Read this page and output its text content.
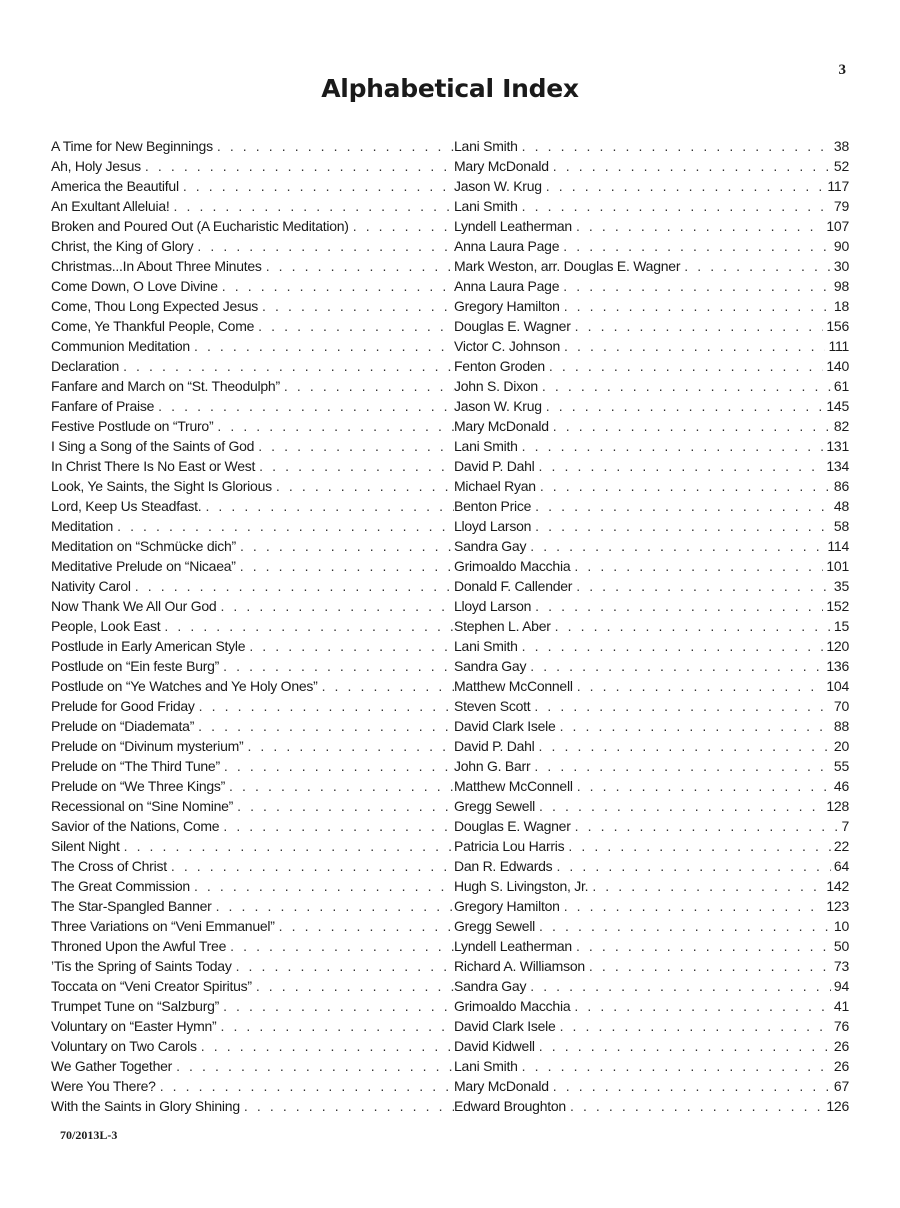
3
Alphabetical Index
A Time for New Beginnings . . .	Lani Smith . . .	38
Ah, Holy Jesus . . .	Mary McDonald . . .	52
America the Beautiful . . .	Jason W. Krug . . .	117
An Exultant Alleluia! . . .	Lani Smith . . .	79
Broken and Poured Out (A Eucharistic Meditation) . . .	Lyndell Leatherman . . .	107
Christ, the King of Glory . . .	Anna Laura Page . . .	90
Christmas...In About Three Minutes . . .	Mark Weston, arr. Douglas E. Wagner . . .	30
Come Down, O Love Divine . . .	Anna Laura Page . . .	98
Come, Thou Long Expected Jesus . . .	Gregory Hamilton . . .	18
Come, Ye Thankful People, Come . . .	Douglas E. Wagner . . .	156
Communion Meditation . . .	Victor C. Johnson . . .	111
Declaration . . .	Fenton Groden . . .	140
Fanfare and March on “St. Theodulph” . . .	John S. Dixon . . .	61
Fanfare of Praise . . .	Jason W. Krug . . .	145
Festive Postlude on “Truro” . . .	Mary McDonald . . .	82
I Sing a Song of the Saints of God . . .	Lani Smith . . .	131
In Christ There Is No East or West . . .	David P. Dahl . . .	134
Look, Ye Saints, the Sight Is Glorious . . .	Michael Ryan . . .	86
Lord, Keep Us Steadfast. . . .	Benton Price . . .	48
Meditation . . .	Lloyd Larson . . .	58
Meditation on “Schmücke dich” . . .	Sandra Gay . . .	114
Meditative Prelude on “Nicaea” . . .	Grimoaldo Macchia . . .	101
Nativity Carol . . .	Donald F. Callender . . .	35
Now Thank We All Our God . . .	Lloyd Larson . . .	152
People, Look East . . .	Stephen L. Aber . . .	15
Postlude in Early American Style . . .	Lani Smith . . .	120
Postlude on “Ein feste Burg” . . .	Sandra Gay . . .	136
Postlude on “Ye Watches and Ye Holy Ones” . . .	Matthew McConnell . . .	104
Prelude for Good Friday . . .	Steven Scott . . .	70
Prelude on “Diademata” . . .	David Clark Isele . . .	88
Prelude on “Divinum mysterium” . . .	David P. Dahl . . .	20
Prelude on “The Third Tune” . . .	John G. Barr . . .	55
Prelude on “We Three Kings” . . .	Matthew McConnell . . .	46
Recessional on “Sine Nomine” . . .	Gregg Sewell . . .	128
Savior of the Nations, Come . . .	Douglas E. Wagner . . .	7
Silent Night . . .	Patricia Lou Harris . . .	22
The Cross of Christ . . .	Dan R. Edwards . . .	64
The Great Commission . . .	Hugh S. Livingston, Jr. . . .	142
The Star-Spangled Banner . . .	Gregory Hamilton . . .	123
Three Variations on “Veni Emmanuel” . . .	Gregg Sewell . . .	10
Throned Upon the Awful Tree . . .	Lyndell Leatherman . . .	50
’Tis the Spring of Saints Today . . .	Richard A. Williamson . . .	73
Toccata on “Veni Creator Spiritus” . . .	Sandra Gay . . .	94
Trumpet Tune on “Salzburg” . . .	Grimoaldo Macchia . . .	41
Voluntary on “Easter Hymn” . . .	David Clark Isele . . .	76
Voluntary on Two Carols . . .	David Kidwell . . .	26
We Gather Together . . .	Lani Smith . . .	26
Were You There? . . .	Mary McDonald . . .	67
With the Saints in Glory Shining . . .	Edward Broughton . . .	126
70/2013L-3
